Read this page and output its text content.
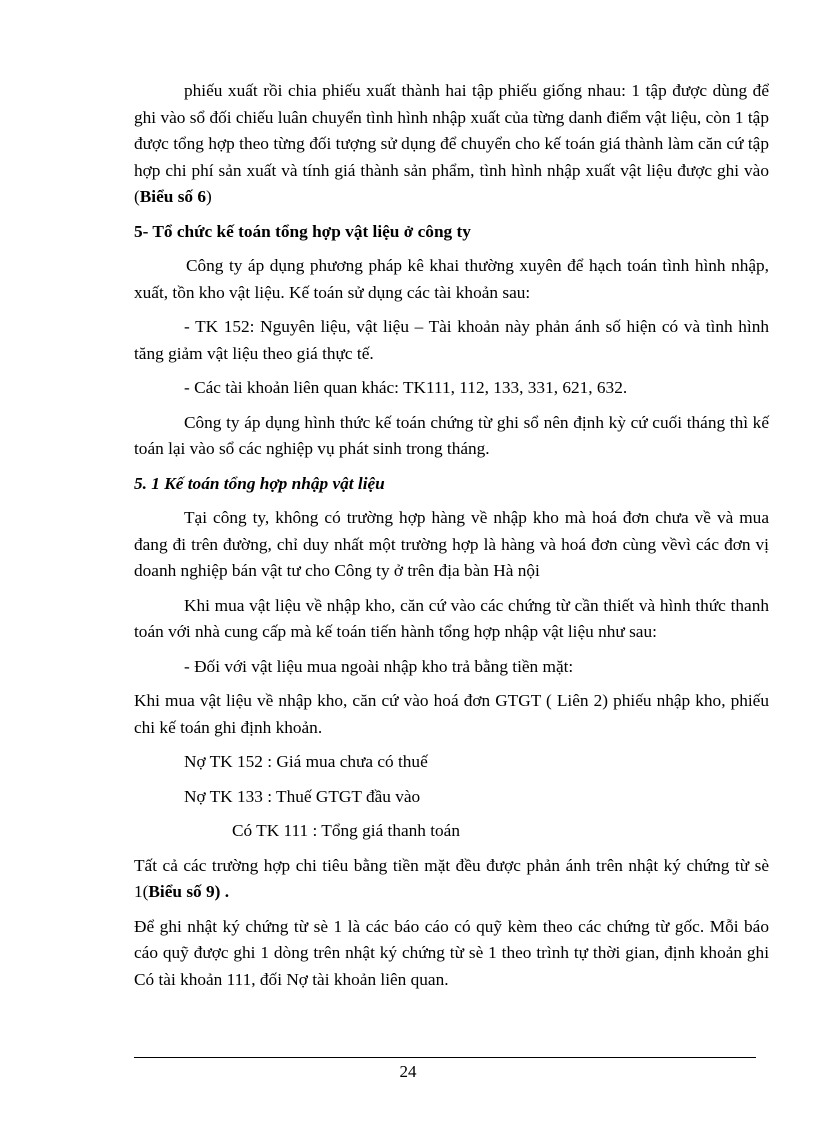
phiếu xuất rồi chia phiếu xuất thành hai tập phiếu giống nhau: 1 tập được dùng để ghi vào sổ đối chiếu luân chuyển tình hình nhập xuất của từng danh điểm vật liệu, còn 1 tập được tổng hợp theo từng đối tượng sử dụng để chuyển cho kế toán giá thành làm căn cứ tập hợp chi phí sản xuất và tính giá thành sản phẩm, tình hình nhập xuất vật liệu được ghi vào (Biểu số 6)

5- Tổ chức kế toán tổng hợp vật liệu ở công ty

Công ty áp dụng phương pháp kê khai thường xuyên để hạch toán tình hình nhập, xuất, tồn kho vật liệu. Kế toán sử dụng các tài khoản sau:

- TK 152: Nguyên liệu, vật liệu – Tài khoản này phản ánh số hiện có và tình hình tăng giảm vật liệu theo giá thực tế.

- Các tài khoản liên quan khác: TK111, 112, 133, 331, 621, 632.

Công ty áp dụng hình thức kế toán chứng từ ghi sổ nên định kỳ cứ cuối tháng thì kế toán lại vào sổ các nghiệp vụ phát sinh trong tháng.

5. 1 Kế toán tổng hợp nhập vật liệu

Tại công ty, không có trường hợp hàng về nhập kho mà hoá đơn chưa về và mua đang đi trên đường, chỉ duy nhất một trường hợp là hàng và hoá đơn cùng vềvì các đơn vị doanh nghiệp bán vật tư cho Công ty ở trên địa bàn Hà nội

Khi mua vật liệu về nhập kho, căn cứ vào các chứng từ cần thiết và hình thức thanh toán với nhà cung cấp mà kế toán tiến hành tổng hợp nhập vật liệu như sau:

- Đối với vật liệu mua ngoài nhập kho trả bằng tiền mặt:

Khi mua vật liệu về nhập kho, căn cứ vào hoá đơn GTGT ( Liên 2) phiếu nhập kho, phiếu chi kế toán ghi định khoản.

Nợ TK 152 : Giá mua chưa có thuế

Nợ TK 133 : Thuế GTGT đầu vào

Có TK 111 : Tổng giá thanh toán

Tất cả các trường hợp chi tiêu bằng tiền mặt đều được phản ánh trên nhật ký chứng từ sè 1(Biểu số 9) .

Để ghi nhật ký chứng từ sè 1 là các báo cáo có quỹ kèm theo các chứng từ gốc. Mỗi báo cáo quỹ được ghi 1 dòng trên nhật ký chứng từ sè 1 theo trình tự thời gian, định khoản ghi Có tài khoản 111, đối Nợ tài khoản liên quan.

24
